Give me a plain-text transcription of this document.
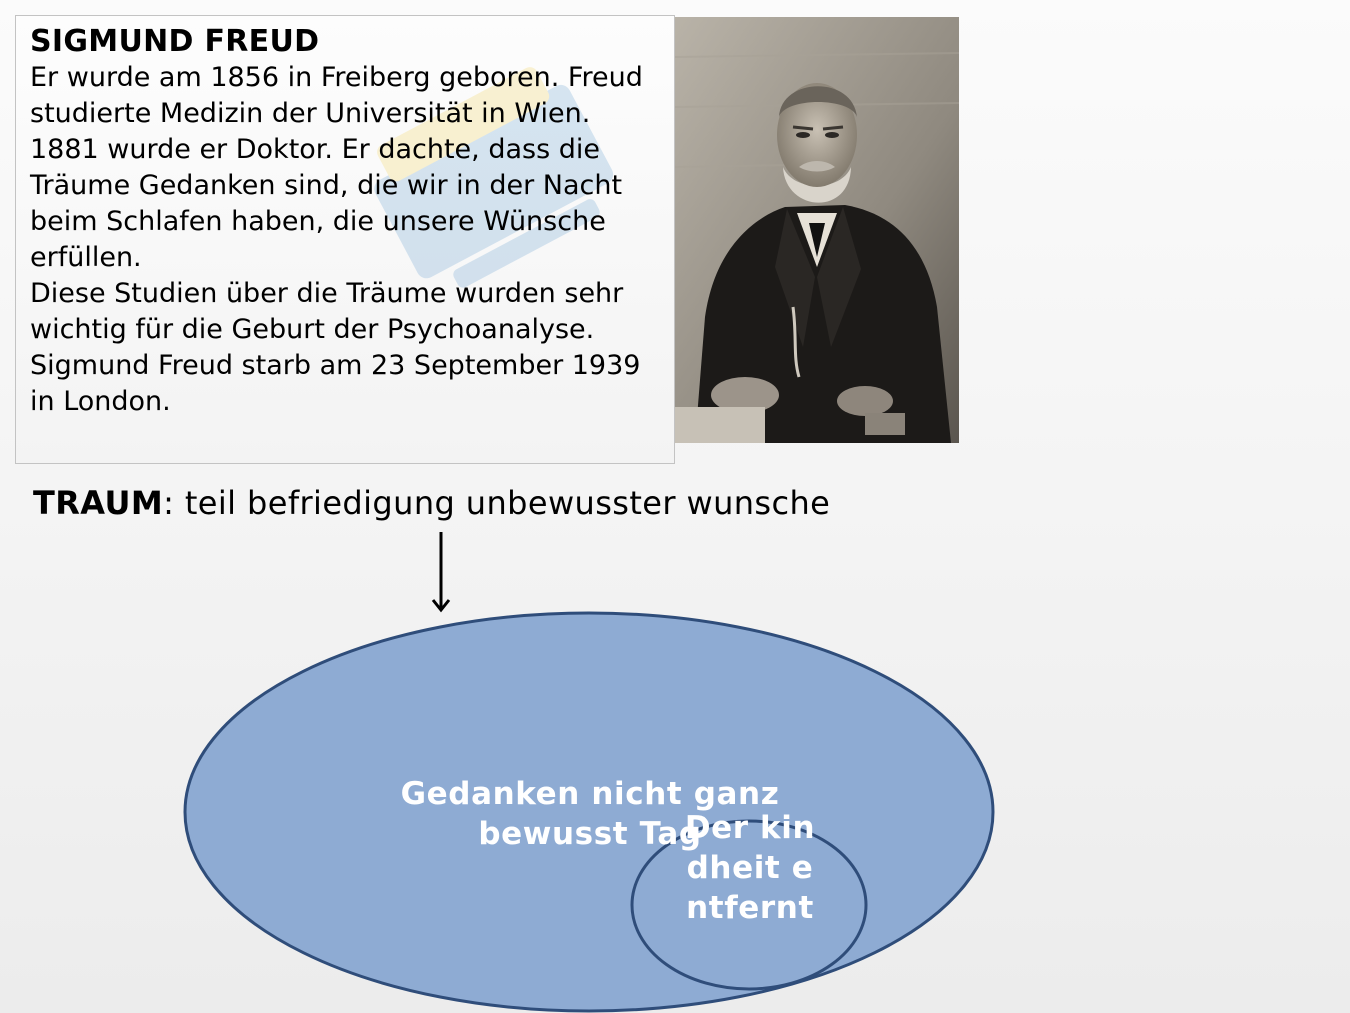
SIGMUND FREUD

Er wurde am 1856 in Freiberg geboren. Freud studierte Medizin der Universität in Wien. 1881 wurde er Doktor. Er dachte, dass die Träume Gedanken sind, die wir in der Nacht beim Schlafen haben, die unsere Wünsche erfüllen.

Diese Studien über die Träume wurden sehr wichtig für die Geburt der Psychoanalyse.

Sigmund Freud starb am 23 September 1939 in London.

TRAUM: teil befriedigung unbewusster wunsche
Gedanken nicht ganz bewusst Tag
Der kindheit entfernt
